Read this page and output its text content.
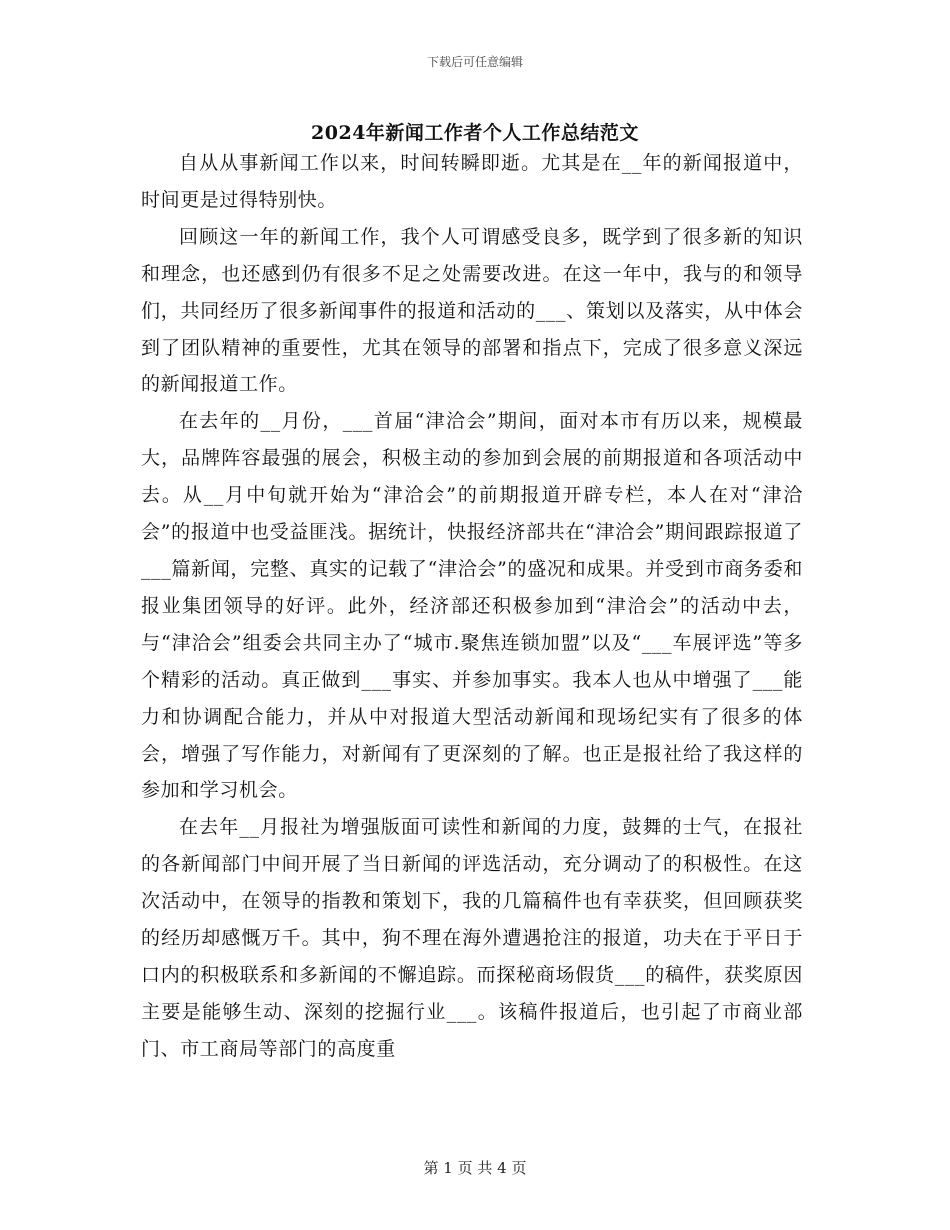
下载后可任意编辑
2024年新闻工作者个人工作总结范文

自从从事新闻工作以来，时间转瞬即逝。尤其是在__年的新闻报道中，时间更是过得特别快。

回顾这一年的新闻工作，我个人可谓感受良多，既学到了很多新的知识和理念，也还感到仍有很多不足之处需要改进。在这一年中，我与的和领导们，共同经历了很多新闻事件的报道和活动的___、策划以及落实，从中体会到了团队精神的重要性，尤其在领导的部署和指点下，完成了很多意义深远的新闻报道工作。

在去年的__月份，___首届“津洽会”期间，面对本市有历以来，规模最大，品牌阵容最强的展会，积极主动的参加到会展的前期报道和各项活动中去。从__月中旬就开始为“津洽会”的前期报道开辟专栏，本人在对“津洽会”的报道中也受益匪浅。据统计，快报经济部共在“津洽会”期间跟踪报道了___篇新闻，完整、真实的记载了“津洽会”的盛况和成果。并受到市商务委和报业集团领导的好评。此外，经济部还积极参加到“津洽会”的活动中去，与“津洽会”组委会共同主办了“城市.聚焦连锁加盟”以及“___车展评选”等多个精彩的活动。真正做到___事实、并参加事实。我本人也从中增强了___能力和协调配合能力，并从中对报道大型活动新闻和现场纪实有了很多的体会，增强了写作能力，对新闻有了更深刻的了解。也正是报社给了我这样的参加和学习机会。

在去年__月报社为增强版面可读性和新闻的力度，鼓舞的士气，在报社的各新闻部门中间开展了当日新闻的评选活动，充分调动了的积极性。在这次活动中，在领导的指教和策划下，我的几篇稿件也有幸获奖，但回顾获奖的经历却感慨万千。其中，狗不理在海外遭遇抢注的报道，功夫在于平日于口内的积极联系和多新闻的不懈追踪。而探秘商场假货___的稿件，获奖原因主要是能够生动、深刻的挖掘行业___。该稿件报道后，也引起了市商业部门、市工商局等部门的高度重

第 1 页 共 4 页
